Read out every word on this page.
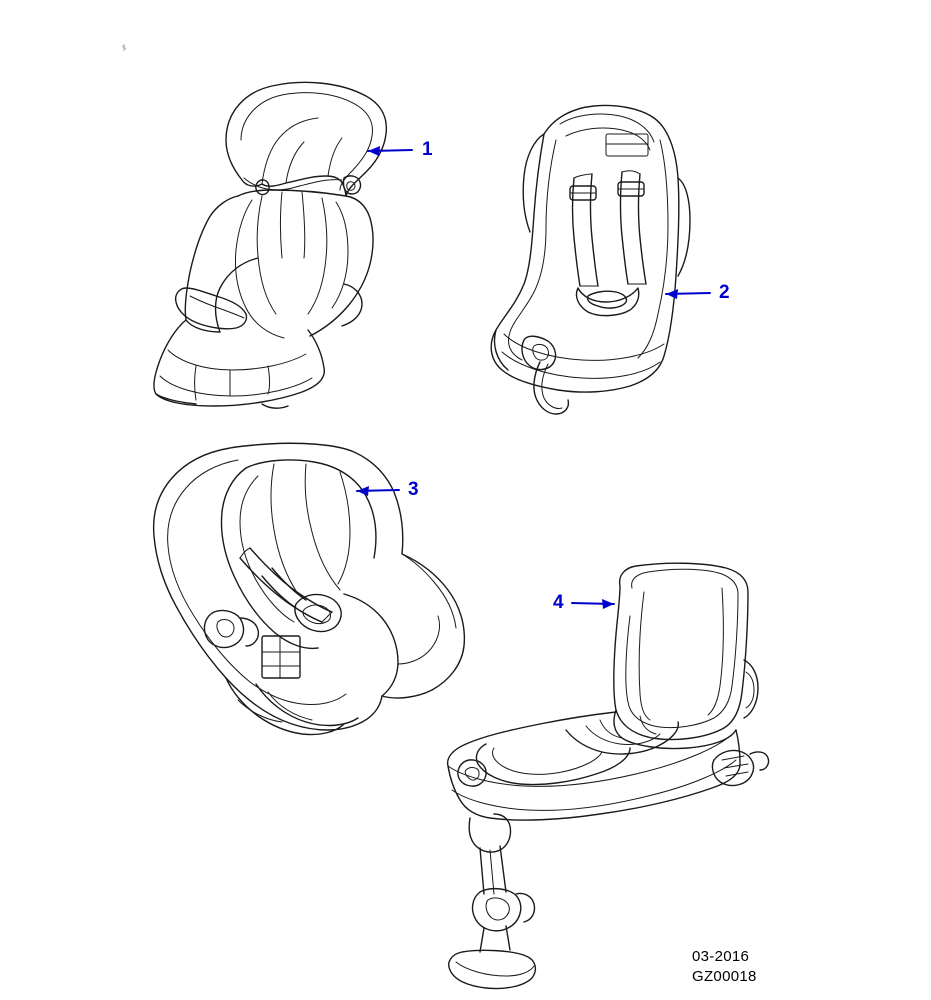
1
2
3
4
03-2016
GZ00018
